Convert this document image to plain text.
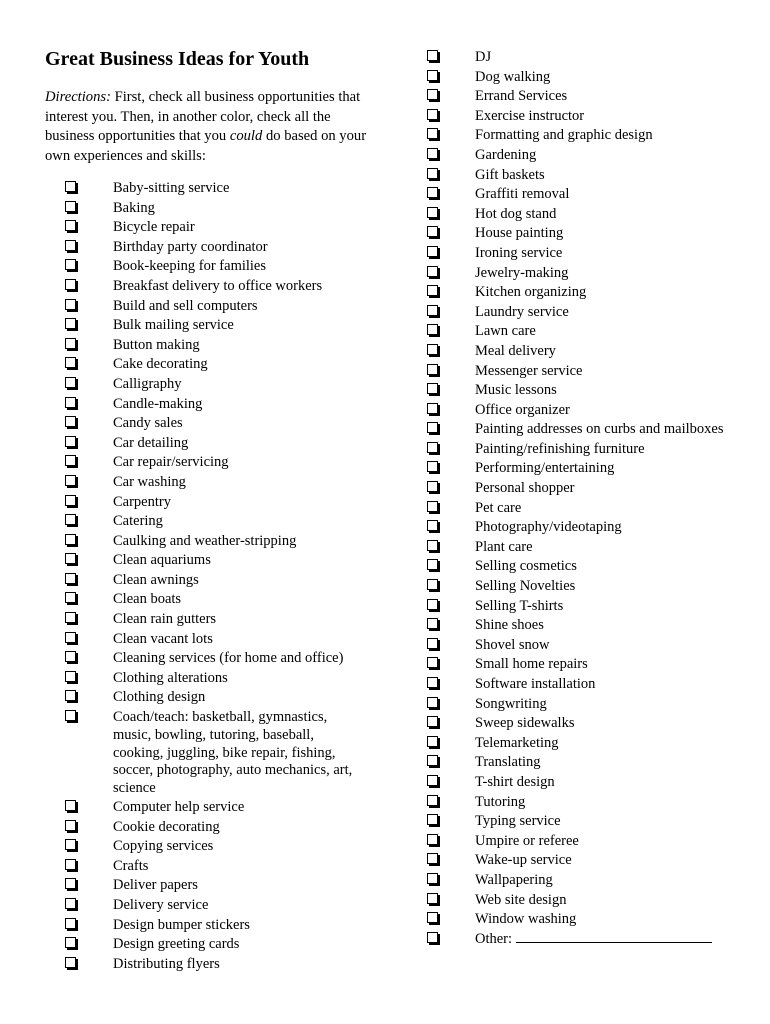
Great Business Ideas for Youth

Directions: First, check all business opportunities that interest you. Then, in another color, check all the business opportunities that you could do based on your own experiences and skills:

Baby-sitting service
Baking
Bicycle repair
Birthday party coordinator
Book-keeping for families
Breakfast delivery to office workers
Build and sell computers
Bulk mailing service
Button making
Cake decorating
Calligraphy
Candle-making
Candy sales
Car detailing
Car repair/servicing
Car washing
Carpentry
Catering
Caulking and weather-stripping
Clean aquariums
Clean awnings
Clean boats
Clean rain gutters
Clean vacant lots
Cleaning services (for home and office)
Clothing alterations
Clothing design
Coach/teach: basketball, gymnastics, music, bowling, tutoring, baseball, cooking, juggling, bike repair, fishing, soccer, photography, auto mechanics, art, science
Computer help service
Cookie decorating
Copying services
Crafts
Deliver papers
Delivery service
Design bumper stickers
Design greeting cards
Distributing flyers
DJ
Dog walking
Errand Services
Exercise instructor
Formatting and graphic design
Gardening
Gift baskets
Graffiti removal
Hot dog stand
House painting
Ironing service
Jewelry-making
Kitchen organizing
Laundry service
Lawn care
Meal delivery
Messenger service
Music lessons
Office organizer
Painting addresses on curbs and mailboxes
Painting/refinishing furniture
Performing/entertaining
Personal shopper
Pet care
Photography/videotaping
Plant care
Selling cosmetics
Selling Novelties
Selling T-shirts
Shine shoes
Shovel snow
Small home repairs
Software installation
Songwriting
Sweep sidewalks
Telemarketing
Translating
T-shirt design
Tutoring
Typing service
Umpire or referee
Wake-up service
Wallpapering
Web site design
Window washing
Other:
